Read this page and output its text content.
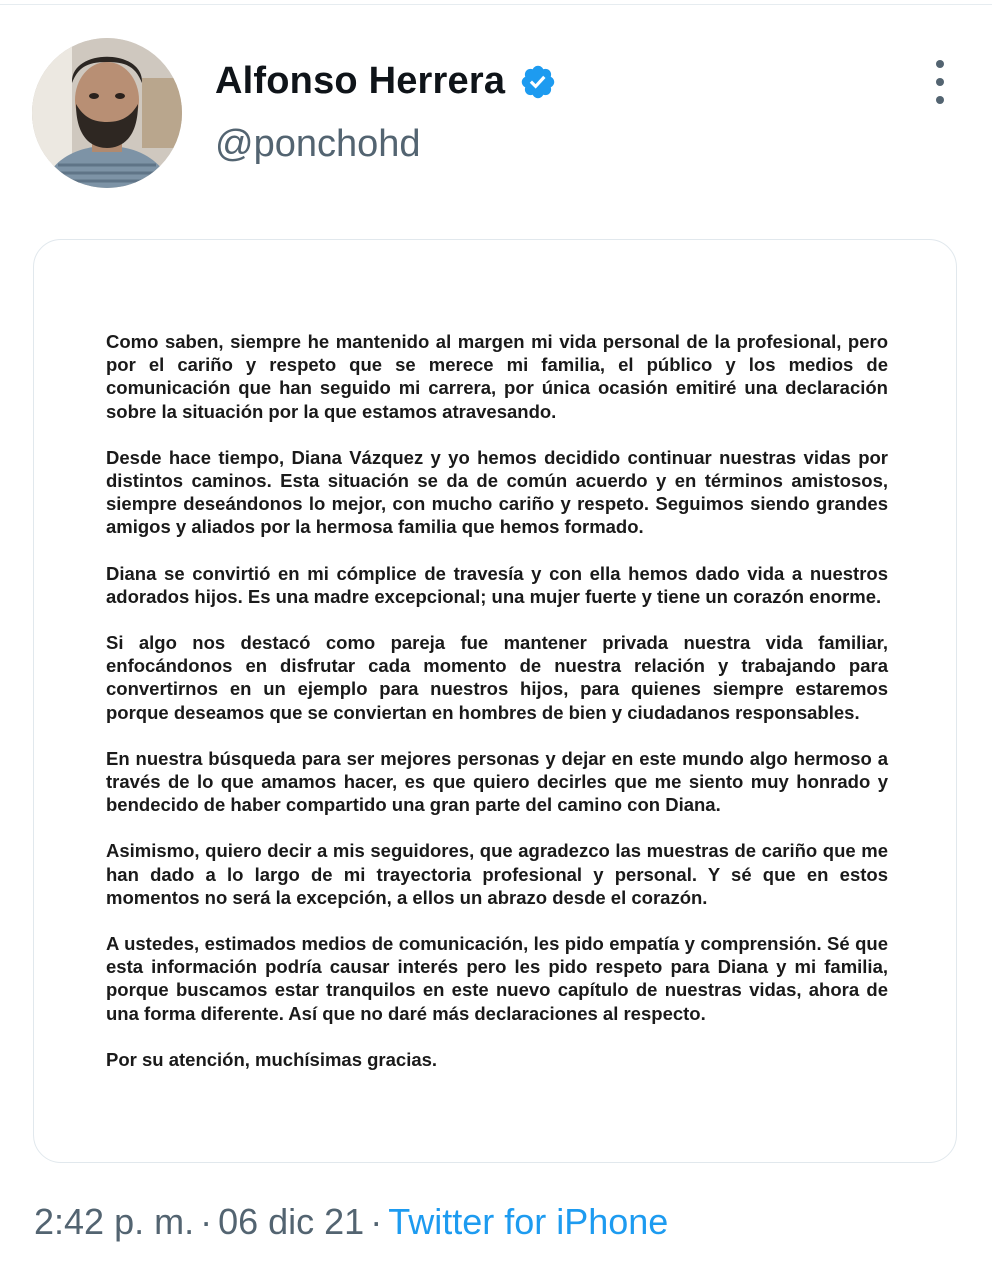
Alfonso Herrera
@ponchohd

Como saben, siempre he mantenido al margen mi vida personal de la profesional, pero por el cariño y respeto que se merece mi familia, el público y los medios de comunicación que han seguido mi carrera, por única ocasión emitiré una declaración sobre la situación por la que estamos atravesando.

Desde hace tiempo, Diana Vázquez y yo hemos decidido continuar nuestras vidas por distintos caminos. Esta situación se da de común acuerdo y en términos amistosos, siempre deseándonos lo mejor, con mucho cariño y respeto. Seguimos siendo grandes amigos y aliados por la hermosa familia que hemos formado.

Diana se convirtió en mi cómplice de travesía y con ella hemos dado vida a nuestros adorados hijos. Es una madre excepcional; una mujer fuerte y tiene un corazón enorme.

Si algo nos destacó como pareja fue mantener privada nuestra vida familiar, enfocándonos en disfrutar cada momento de nuestra relación y trabajando para convertirnos en un ejemplo para nuestros hijos, para quienes siempre estaremos porque deseamos que se conviertan en hombres de bien y ciudadanos responsables.

En nuestra búsqueda para ser mejores personas y dejar en este mundo algo hermoso a través de lo que amamos hacer, es que quiero decirles que me siento muy honrado y bendecido de haber compartido una gran parte del camino con Diana.

Asimismo, quiero decir a mis seguidores, que agradezco las muestras de cariño que me han dado a lo largo de mi trayectoria profesional y personal. Y sé que en estos momentos no será la excepción, a ellos un abrazo desde el corazón.

A ustedes, estimados medios de comunicación, les pido empatía y comprensión. Sé que esta información podría causar interés pero les pido respeto para Diana y mi familia, porque buscamos estar tranquilos en este nuevo capítulo de nuestras vidas, ahora de una forma diferente. Así que no daré más declaraciones al respecto.

Por su atención, muchísimas gracias.

2:42 p. m. · 06 dic 21 · Twitter for iPhone
